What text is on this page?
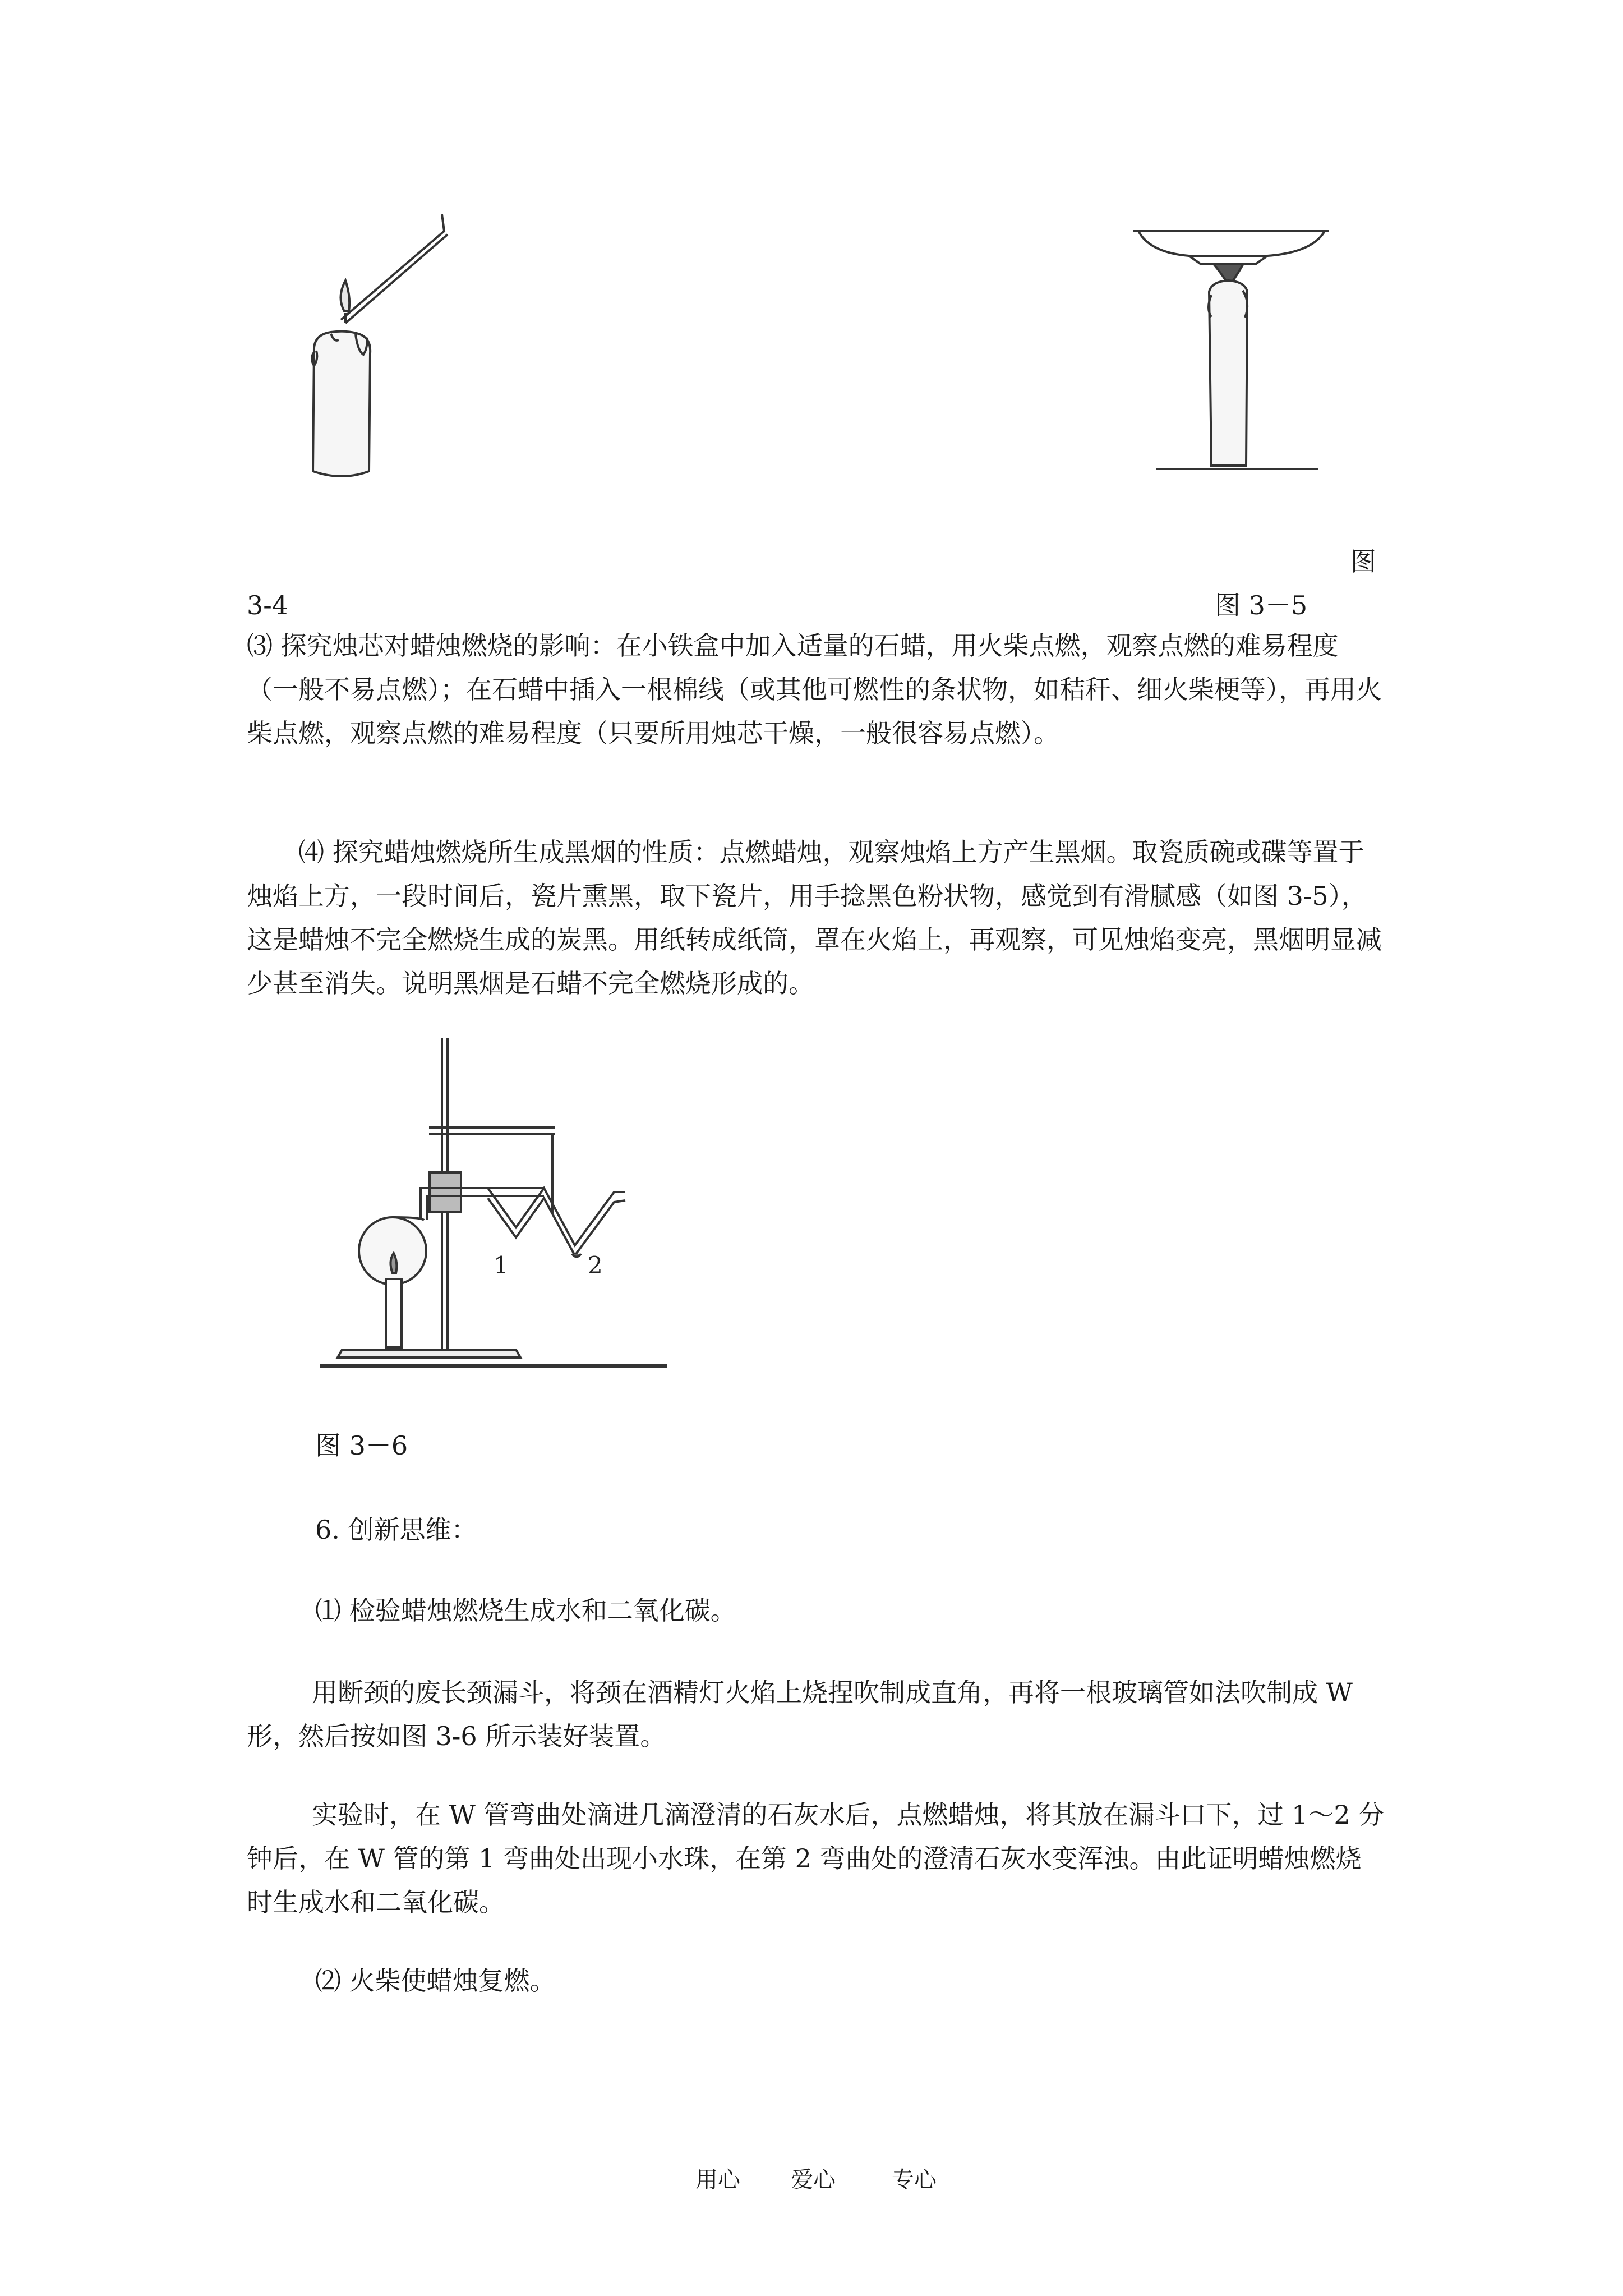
图
3-4	图 3－5
⑶ 探究烛芯对蜡烛燃烧的影响：在小铁盒中加入适量的石蜡，用火柴点燃，观察点燃的难易程度（一般不易点燃）；在石蜡中插入一根棉线（或其他可燃性的条状物，如秸秆、细火柴梗等），再用火柴点燃，观察点燃的难易程度（只要所用烛芯干燥，一般很容易点燃）。
⑷ 探究蜡烛燃烧所生成黑烟的性质：点燃蜡烛，观察烛焰上方产生黑烟。取瓷质碗或碟等置于烛焰上方，一段时间后，瓷片熏黑，取下瓷片，用手捻黑色粉状物，感觉到有滑腻感（如图 3-5），这是蜡烛不完全燃烧生成的炭黑。用纸转成纸筒，罩在火焰上，再观察，可见烛焰变亮，黑烟明显减少甚至消失。说明黑烟是石蜡不完全燃烧形成的。
1	2
图 3－6
6. 创新思维：
⑴ 检验蜡烛燃烧生成水和二氧化碳。
用断颈的废长颈漏斗，将颈在酒精灯火焰上烧捏吹制成直角，再将一根玻璃管如法吹制成 W 形，然后按如图 3-6 所示装好装置。
实验时，在 W 管弯曲处滴进几滴澄清的石灰水后，点燃蜡烛，将其放在漏斗口下，过 1～2 分钟后，在 W 管的第 1 弯曲处出现小水珠，在第 2 弯曲处的澄清石灰水变浑浊。由此证明蜡烛燃烧时生成水和二氧化碳。
⑵ 火柴使蜡烛复燃。
用心 爱心	专心
